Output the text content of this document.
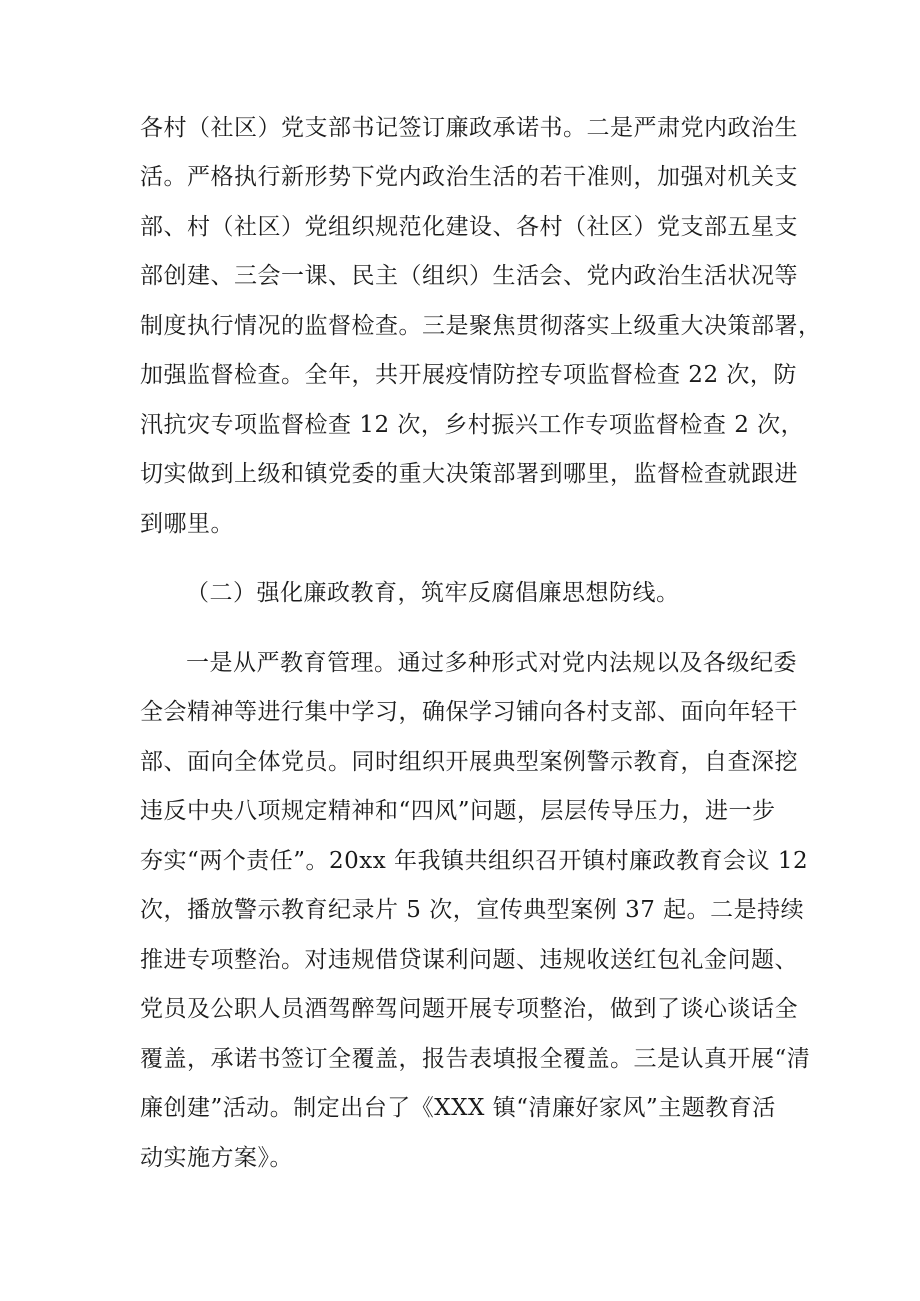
各村（社区）党支部书记签订廉政承诺书。二是严肃党内政治生
活。严格执行新形势下党内政治生活的若干准则，加强对机关支
部、村（社区）党组织规范化建设、各村（社区）党支部五星支
部创建、三会一课、民主（组织）生活会、党内政治生活状况等
制度执行情况的监督检查。三是聚焦贯彻落实上级重大决策部署，
加强监督检查。全年，共开展疫情防控专项监督检查 22 次，防
汛抗灾专项监督检查 12 次，乡村振兴工作专项监督检查 2 次，
切实做到上级和镇党委的重大决策部署到哪里，监督检查就跟进
到哪里。
（二）强化廉政教育，筑牢反腐倡廉思想防线。
一是从严教育管理。通过多种形式对党内法规以及各级纪委
全会精神等进行集中学习，确保学习铺向各村支部、面向年轻干
部、面向全体党员。同时组织开展典型案例警示教育，自查深挖
违反中央八项规定精神和“四风”问题，层层传导压力，进一步
夯实“两个责任”。20xx 年我镇共组织召开镇村廉政教育会议 12
次，播放警示教育纪录片 5 次，宣传典型案例 37 起。二是持续
推进专项整治。对违规借贷谋利问题、违规收送红包礼金问题、
党员及公职人员酒驾醉驾问题开展专项整治，做到了谈心谈话全
覆盖，承诺书签订全覆盖，报告表填报全覆盖。三是认真开展“清
廉创建”活动。制定出台了《XXX 镇“清廉好家风”主题教育活
动实施方案》。
